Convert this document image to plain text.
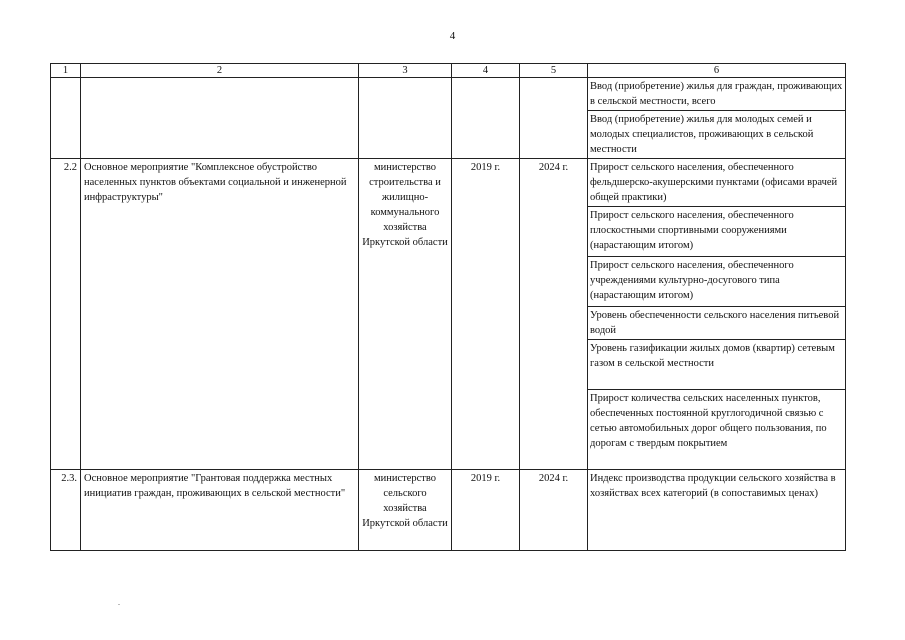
4
1	2	3	4	5	6
					Ввод (приобретение) жилья для граждан, проживающих в сельской местности, всего
					Ввод (приобретение) жилья для молодых семей и молодых специалистов, проживающих в сельской местности
2.2	Основное мероприятие "Комплексное обустройство населенных пунктов объектами социальной и инженерной инфраструктуры"	министерство строительства и жилищно-коммунального хозяйства Иркутской области	2019 г.	2024 г.	Прирост сельского населения, обеспеченного фельдшерско-акушерскими пунктами (офисами врачей общей практики)
					Прирост сельского населения, обеспеченного плоскостными спортивными сооружениями (нарастающим итогом)
					Прирост сельского населения, обеспеченного учреждениями культурно-досугового типа (нарастающим итогом)
					Уровень обеспеченности сельского населения питьевой водой
					Уровень газификации жилых домов (квартир) сетевым газом в сельской местности
					Прирост количества сельских населенных пунктов, обеспеченных постоянной круглогодичной связью с сетью автомобильных дорог общего пользования, по дорогам с твердым покрытием
2.3.	Основное мероприятие "Грантовая поддержка местных инициатив граждан, проживающих в сельской местности"	министерство сельского хозяйства Иркутской области	2019 г.	2024 г.	Индекс производства продукции сельского хозяйства в хозяйствах всех категорий (в сопоставимых ценах)
